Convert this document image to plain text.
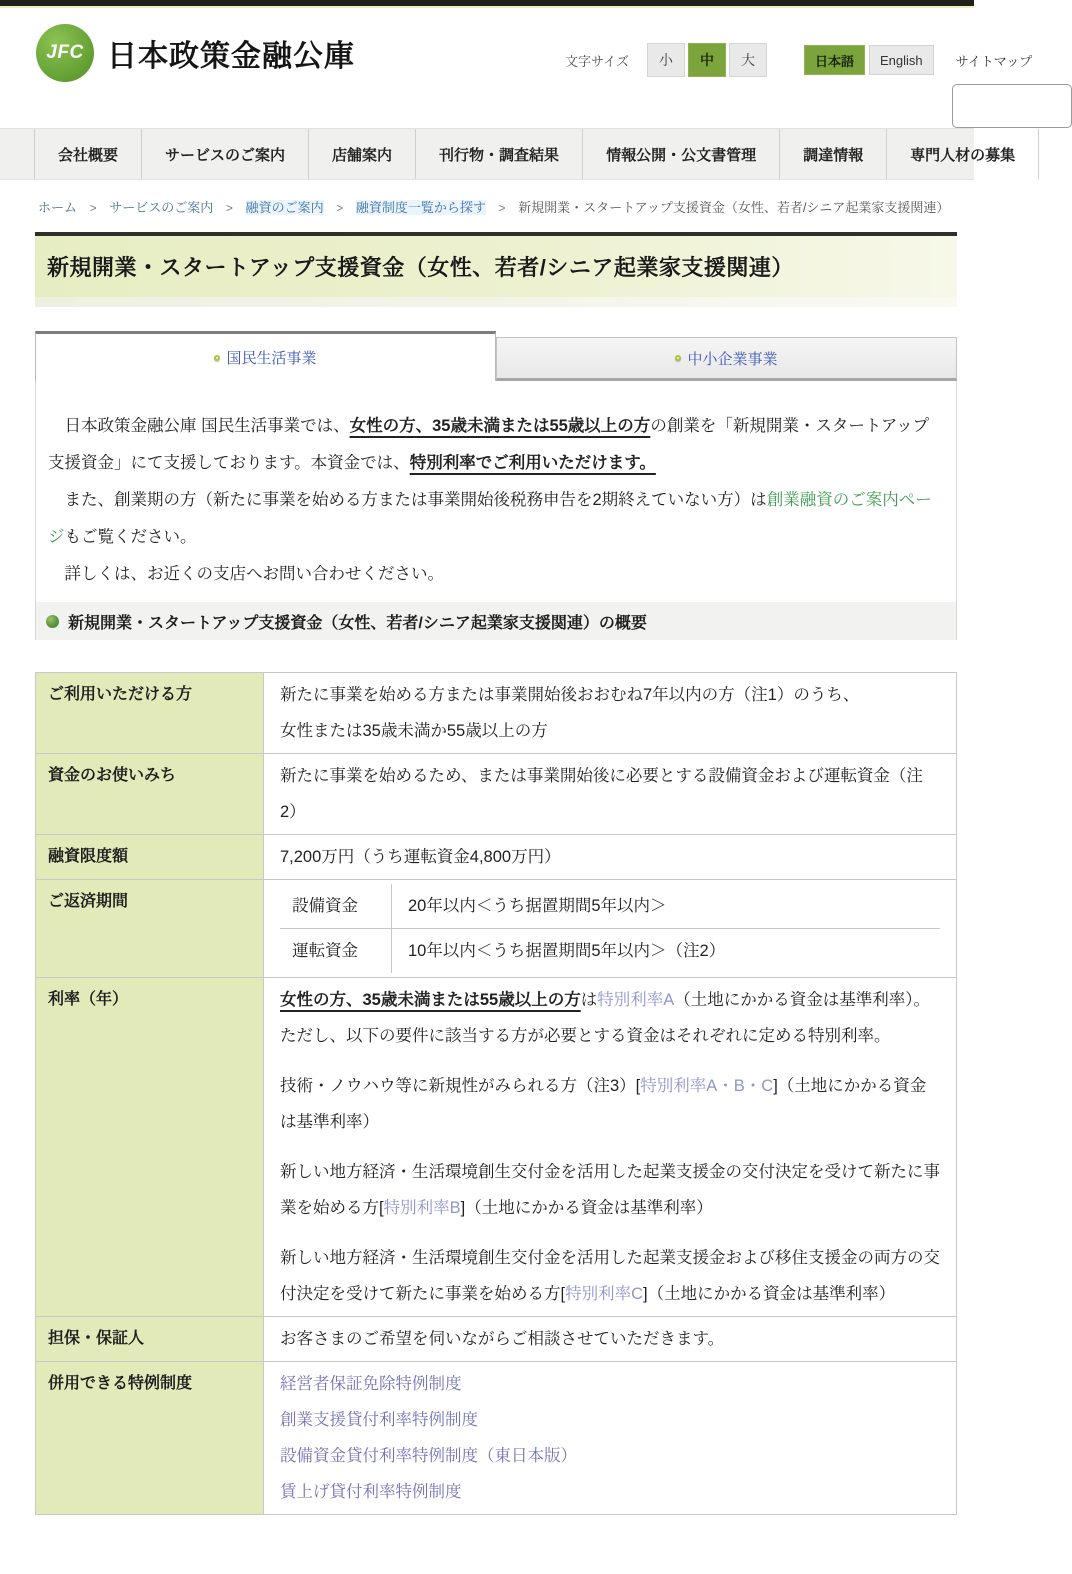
JFC 日本政策金融公庫	文字サイズ	小	中	大	日本語	English	サイトマップ
会社概要	サービスのご案内	店舗案内	刊行物・調査結果	情報公開・公文書管理	調達情報	専門人材の募集
ホーム > サービスのご案内 > 融資のご案内 > 融資制度一覧から探す > 新規開業・スタートアップ支援資金（女性、若者/シニア起業家支援関連）
新規開業・スタートアップ支援資金（女性、若者/シニア起業家支援関連）
国民生活事業	中小企業事業

　日本政策金融公庫 国民生活事業では、女性の方、35歳未満または55歳以上の方の創業を「新規開業・スタートアップ支援資金」にて支援しております。本資金では、特別利率でご利用いただけます。

　また、創業期の方（新たに事業を始める方または事業開始後税務申告を2期終えていない方）は創業融資のご案内ページもご覧ください。

　詳しくは、お近くの支店へお問い合わせください。

新規開業・スタートアップ支援資金（女性、若者/シニア起業家支援関連）の概要
ご利用いただける方	新たに事業を始める方または事業開始後おおむね7年以内の方（注1）のうち、
女性または35歳未満か55歳以上の方

資金のお使いみち	新たに事業を始めるため、または事業開始後に必要とする設備資金および運転資金（注2）
融資限度額	7,200万円（うち運転資金4,800万円）
ご返済期間	設備資金 20年以内＜うち据置期間5年以内＞
運転資金 10年以内＜うち据置期間5年以内＞（注2）

利率（年）	女性の方、35歳未満または55歳以上の方は特別利率A（土地にかかる資金は基準利率）。ただし、以下の要件に該当する方が必要とする資金はそれぞれに定める特別利率。

技術・ノウハウ等に新規性がみられる方（注3）[特別利率A・B・C]（土地にかかる資金は基準利率）

新しい地方経済・生活環境創生交付金を活用した起業支援金の交付決定を受けて新たに事業を始める方[特別利率B]（土地にかかる資金は基準利率）

新しい地方経済・生活環境創生交付金を活用した起業支援金および移住支援金の両方の交付決定を受けて新たに事業を始める方[特別利率C]（土地にかかる資金は基準利率）

担保・保証人	お客さまのご希望を伺いながらご相談させていただきます。
併用できる特例制度	経営者保証免除特例制度
創業支援貸付利率特例制度
設備資金貸付利率特例制度（東日本版）
賃上げ貸付利率特例制度
